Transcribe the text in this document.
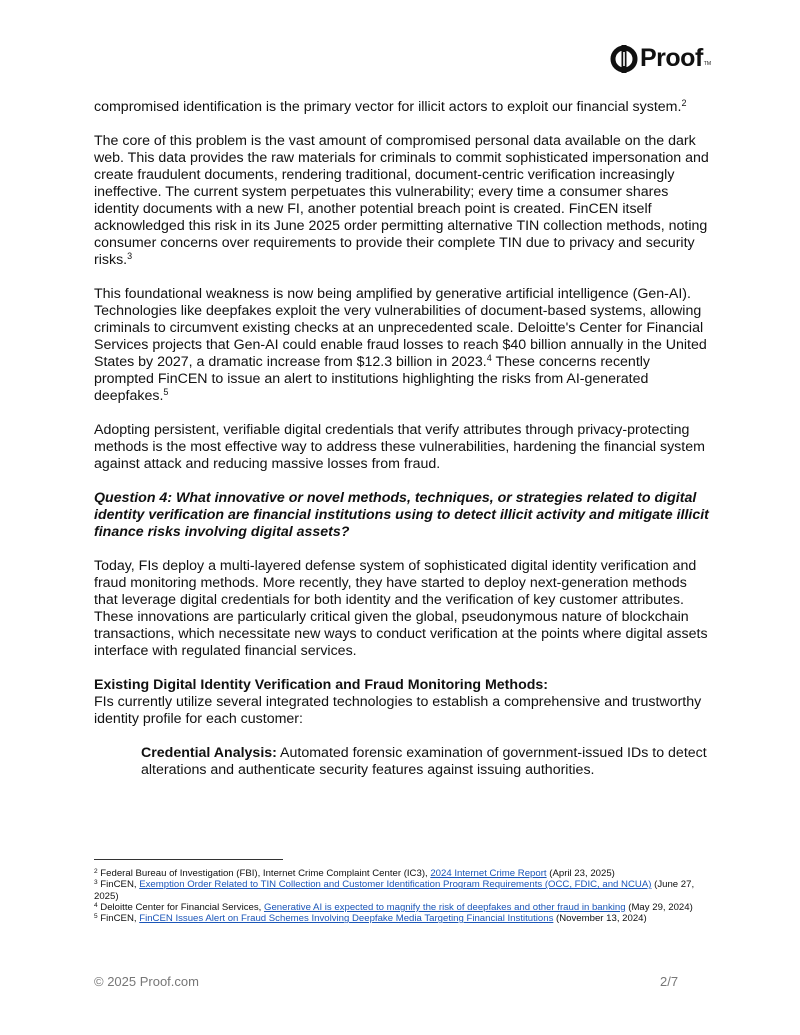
Proof TM

compromised identification is the primary vector for illicit actors to exploit our financial system.$^2$

The core of this problem is the vast amount of compromised personal data available on the dark web. This data provides the raw materials for criminals to commit sophisticated impersonation and create fraudulent documents, rendering traditional, document-centric verification increasingly ineffective. The current system perpetuates this vulnerability; every time a consumer shares identity documents with a new FI, another potential breach point is created. FinCEN itself acknowledged this risk in its June 2025 order permitting alternative TIN collection methods, noting consumer concerns over requirements to provide their complete TIN due to privacy and security risks.$^3$

This foundational weakness is now being amplified by generative artificial intelligence (Gen-AI). Technologies like deepfakes exploit the very vulnerabilities of document-based systems, allowing criminals to circumvent existing checks at an unprecedented scale. Deloitte's Center for Financial Services projects that Gen-AI could enable fraud losses to reach $40 billion annually in the United States by 2027, a dramatic increase from $12.3 billion in 2023.$^4$ These concerns recently prompted FinCEN to issue an alert to institutions highlighting the risks from AI-generated deepfakes.$^5$

Adopting persistent, verifiable digital credentials that verify attributes through privacy-protecting methods is the most effective way to address these vulnerabilities, hardening the financial system against attack and reducing massive losses from fraud.

Question 4: What innovative or novel methods, techniques, or strategies related to digital identity verification are financial institutions using to detect illicit activity and mitigate illicit finance risks involving digital assets?

Today, FIs deploy a multi-layered defense system of sophisticated digital identity verification and fraud monitoring methods. More recently, they have started to deploy next-generation methods that leverage digital credentials for both identity and the verification of key customer attributes. These innovations are particularly critical given the global, pseudonymous nature of blockchain transactions, which necessitate new ways to conduct verification at the points where digital assets interface with regulated financial services.

Existing Digital Identity Verification and Fraud Monitoring Methods:

FIs currently utilize several integrated technologies to establish a comprehensive and trustworthy identity profile for each customer:

Credential Analysis: Automated forensic examination of government-issued IDs to detect alterations and authenticate security features against issuing authorities.

$^2$ Federal Bureau of Investigation (FBI), Internet Crime Complaint Center (IC3), 2024 Internet Crime Report (April 23, 2025)
$^3$ FinCEN, Exemption Order Related to TIN Collection and Customer Identification Program Requirements (OCC, FDIC, and NCUA) (June 27, 2025)
$^4$ Deloitte Center for Financial Services, Generative AI is expected to magnify the risk of deepfakes and other fraud in banking (May 29, 2024)
$^5$ FinCEN, FinCEN Issues Alert on Fraud Schemes Involving Deepfake Media Targeting Financial Institutions (November 13, 2024)
© 2025 Proof.com	2/7
